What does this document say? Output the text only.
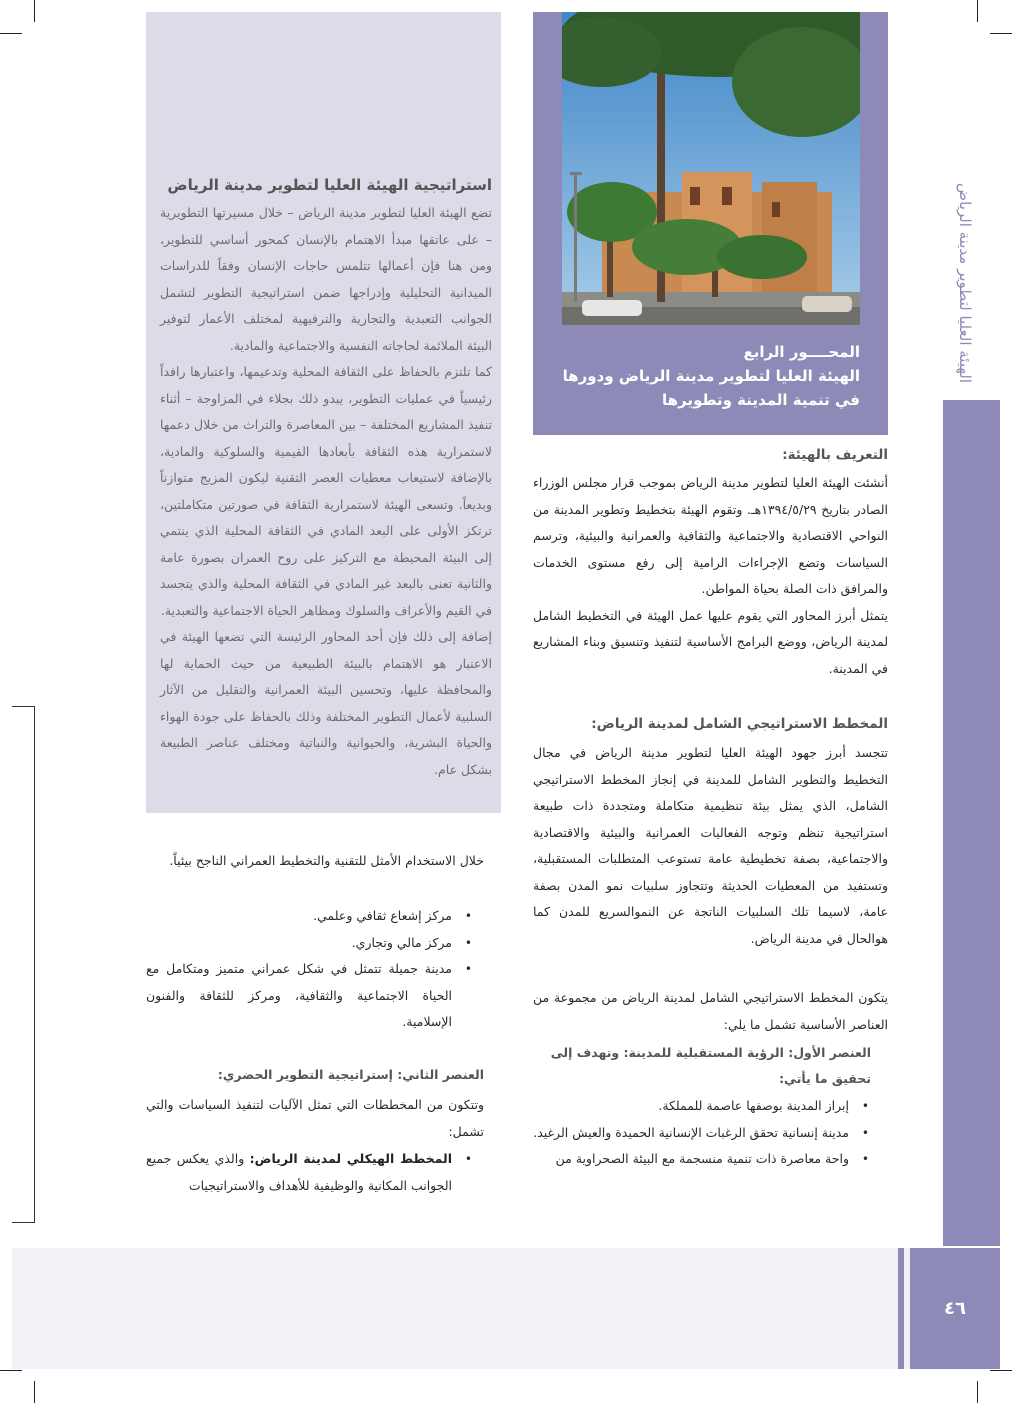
الهيئة العليا لتطوير مدينة الرياض
٤٦
المحــــور الرابع
الهيئة العليا لتطوير مدينة الرياض ودورها
في تنمية المدينة وتطويرها
استراتيجية الهيئة العليا لتطوير مدينة الرياض

تضع الهيئة العليا لتطوير مدينة الرياض – خلال مسيرتها التطويرية – على عاتقها مبدأ الاهتمام بالإنسان كمحور أساسي للتطوير، ومن هنا فإن أعمالها تتلمس حاجات الإنسان وفقاً للدراسات الميدانية التحليلية وإدراجها ضمن استراتيجية التطوير لتشمل الجوانب التعبدية والتجارية والترفيهية لمختلف الأعمار لتوفير البيئة الملائمة لحاجاته النفسية والاجتماعية والمادية.

كما تلتزم بالحفاظ على الثقافة المحلية وتدعيمها، واعتبارها رافداً رئيسياً في عمليات التطوير، يبدو ذلك بجلاء في المزاوجة – أثناء تنفيذ المشاريع المختلفة – بين المعاصرة والتراث من خلال دعمها لاستمرارية هذه الثقافة بأبعادها القيمية والسلوكية والمادية، بالإضافة لاستيعاب معطيات العصر التقنية ليكون المزيج متوازناً وبديعاً. وتسعى الهيئة لاستمرارية الثقافة في صورتين متكاملتين، ترتكز الأولى على البعد المادي في الثقافة المحلية الذي ينتمي إلى البيئة المحيطة مع التركيز على روح العمران بصورة عامة والثانية تعنى بالبعد غير المادي في الثقافة المحلية والذي يتجسد في القيم والأعراف والسلوك ومظاهر الحياة الاجتماعية والتعبدية.

إضافة إلى ذلك فإن أحد المحاور الرئيسة التي تضعها الهيئة في الاعتبار هو الاهتمام بالبيئة الطبيعية من حيث الحماية لها والمحافظة عليها، وتحسين البيئة العمرانية والتقليل من الآثار السلبية لأعمال التطوير المختلفة وذلك بالحفاظ على جودة الهواء والحياة البشرية، والحيوانية والنباتية ومختلف عناصر الطبيعة بشكل عام.

التعريف بالهيئة:

أنشئت الهيئة العليا لتطوير مدينة الرياض بموجب قرار مجلس الوزراء الصادر بتاريخ ١٣٩٤/٥/٢٩هـ. وتقوم الهيئة بتخطيط وتطوير المدينة من النواحي الاقتصادية والاجتماعية والثقافية والعمرانية والبيئية، وترسم السياسات وتضع الإجراءات الرامية إلى رفع مستوى الخدمات والمرافق ذات الصلة بحياة المواطن.

يتمثل أبرز المحاور التي يقوم عليها عمل الهيئة في التخطيط الشامل لمدينة الرياض، ووضع البرامج الأساسية لتنفيذ وتنسيق وبناء المشاريع في المدينة.

المخطط الاستراتيجي الشامل لمدينة الرياض:

تتجسد أبرز جهود الهيئة العليا لتطوير مدينة الرياض في مجال التخطيط والتطوير الشامل للمدينة في إنجاز المخطط الاستراتيجي الشامل، الذي يمثل بيئة تنظيمية متكاملة ومتجددة ذات طبيعة استراتيجية تنظم وتوجه الفعاليات العمرانية والبيئية والاقتصادية والاجتماعية، بصفة تخطيطية عامة تستوعب المتطلبات المستقبلية، وتستفيد من المعطيات الحديثة وتتجاوز سلبيات نمو المدن بصفة عامة، لاسيما تلك السلبيات الناتجة عن النموالسريع للمدن كما هوالحال في مدينة الرياض.

يتكون المخطط الاستراتيجي الشامل لمدينة الرياض من مجموعة من العناصر الأساسية تشمل ما يلي:

العنصر الأول: الرؤية المستقبلية للمدينة: وتهدف إلى تحقيق ما يأتي:
•
إبراز المدينة بوصفها عاصمة للمملكة.
•
مدينة إنسانية تحقق الرغبات الإنسانية الحميدة والعيش الرغيد.
•
واحة معاصرة ذات تنمية منسجمة مع البيئة الصحراوية من

خلال الاستخدام الأمثل للتقنية والتخطيط العمراني الناجح بيئياً.

•
مركز إشعاع ثقافي وعلمي.
•
مركز مالي وتجاري.
•
مدينة جميلة تتمثل في شكل عمراني متميز ومتكامل مع الحياة الاجتماعية والثقافية، ومركز للثقافة والفنون الإسلامية.
العنصر الثاني: إستراتيجية التطوير الحضري:

وتتكون من المخططات التي تمثل الآليات لتنفيذ السياسات والتي تشمل:

•
المخطط الهيكلي لمدينة الرياض: والذي يعكس جميع الجوانب المكانية والوظيفية للأهداف والاستراتيجيات
